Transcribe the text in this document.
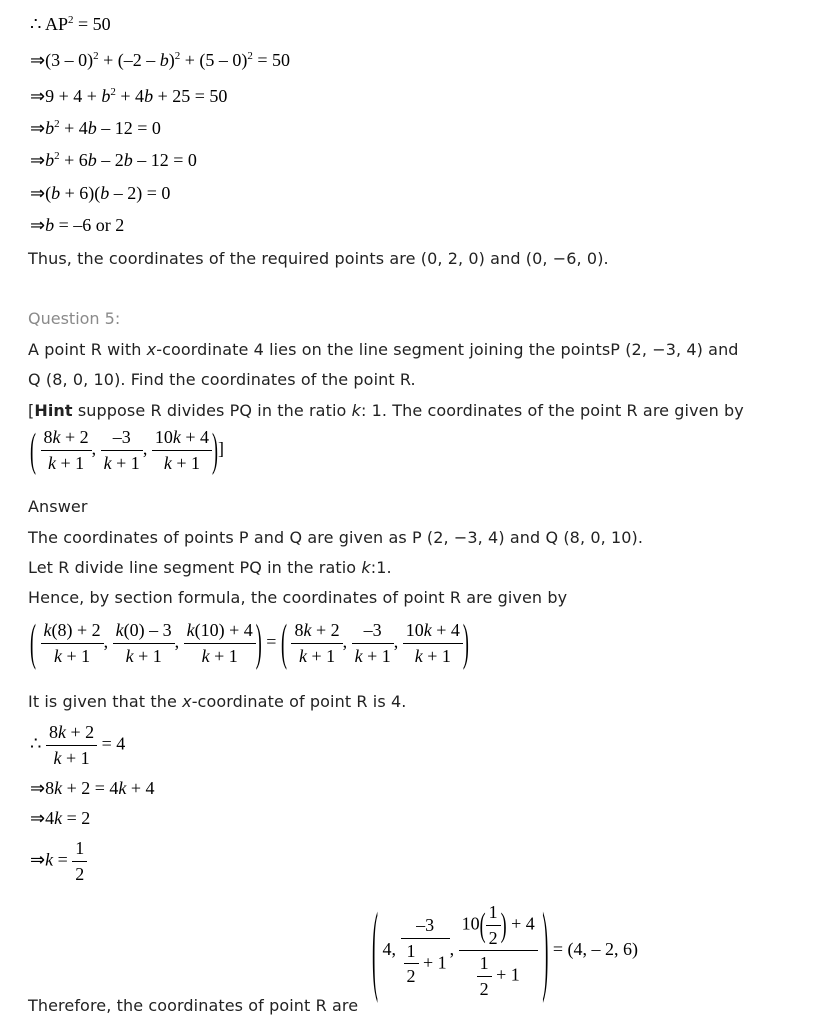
∴ $AP^2 = 50$
⇒(3 – 0)$^2$ + (–2 – b)$^2$ + (5 – 0)$^2$ = 50
⇒9 + $4 + b^2 + 4b + 25 = 50$
$\Rightarrow b^2 + 4b - 12 = 0$
$\Rightarrow b^2 + 6b - 2b - 12 = 0$
⇒(b + 6)(b – 2) = 0
⇒b = –6 or 2
Thus, the coordinates of the required points are (0, 2, 0) and (0, −6, 0).
Question 5:
A point R with x-coordinate 4 lies on the line segment joining the pointsP (2, −3, 4) and
Q (8, 0, 10). Find the coordinates of the point R.
[Hint suppose R divides PQ in the ratio k: 1. The coordinates of the point R are given by
( $\frac{8k + 2}{k + 1}$ , $\frac{-3}{k + 1}$ , $\frac{10k + 4}{k + 1}$ )]
Answer
The coordinates of points P and Q are given as P (2, −3, 4) and Q (8, 0, 10).
Let R divide line segment PQ in the ratio k:1.
Hence, by section formula, the coordinates of point R are given by
( $\frac{k(8) + 2}{k + 1}$ , $\frac{k(0) - 3}{k + 1}$ , $\frac{k(10) + 4}{k + 1}$ ) = ( $\frac{8k + 2}{k + 1}$ , $\frac{-3}{k + 1}$ , $\frac{10k + 4}{k + 1}$ )
It is given that the x-coordinate of point R is 4.
∴ $\frac{8k + 2}{k + 1} = 4$
⇒8k + 2 = 4k + 4
⇒4k = 2
⇒k = $\frac{1}{2}$
( 4, $\frac{-3}{\frac{1}{2} + 1}$ , $\frac{10( \frac{1}{2} ) + 4}{\frac{1}{2} + 1}$ ) = (4, – 2, 6)
Therefore, the coordinates of point R are
